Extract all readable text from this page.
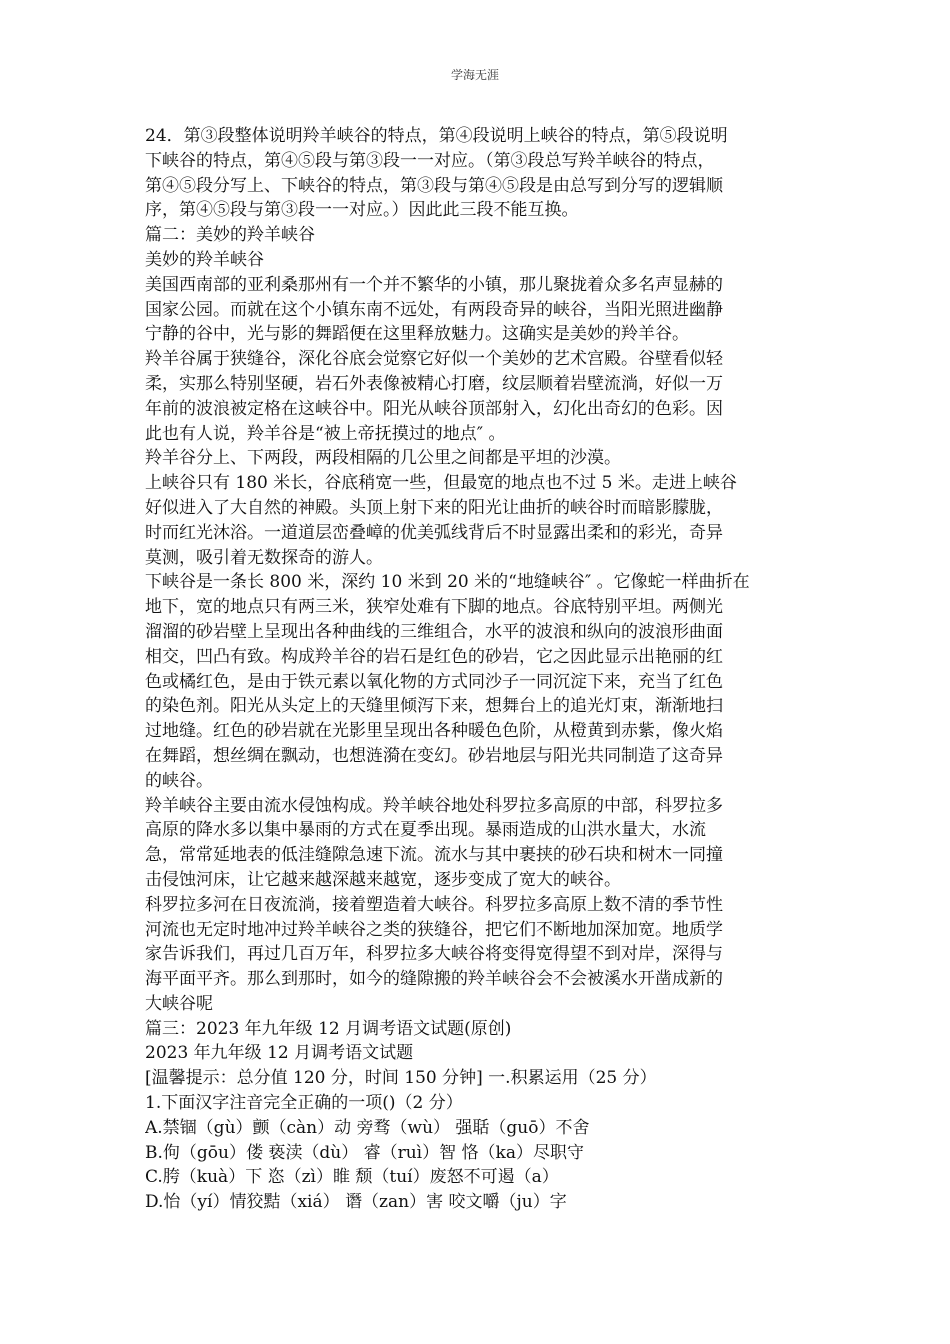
学海无涯
24．第③段整体说明羚羊峡谷的特点，第④段说明上峡谷的特点，第⑤段说明
下峡谷的特点，第④⑤段与第③段一一对应。（第③段总写羚羊峡谷的特点，
第④⑤段分写上、下峡谷的特点，第③段与第④⑤段是由总写到分写的逻辑顺
序，第④⑤段与第③段一一对应。）因此此三段不能互换。
篇二：美妙的羚羊峡谷
美妙的羚羊峡谷
美国西南部的亚利桑那州有一个并不繁华的小镇，那儿聚拢着众多名声显赫的
国家公园。而就在这个小镇东南不远处，有两段奇异的峡谷，当阳光照进幽静
宁静的谷中，光与影的舞蹈便在这里释放魅力。这确实是美妙的羚羊谷。
羚羊谷属于狭缝谷，深化谷底会觉察它好似一个美妙的艺术宫殿。谷壁看似轻
柔，实那么特别坚硬，岩石外表像被精心打磨，纹层顺着岩壁流淌，好似一万
年前的波浪被定格在这峡谷中。阳光从峡谷顶部射入，幻化出奇幻的色彩。因
此也有人说，羚羊谷是“被上帝抚摸过的地点″ 。
羚羊谷分上、下两段，两段相隔的几公里之间都是平坦的沙漠。
上峡谷只有 180 米长，谷底稍宽一些，但最宽的地点也不过 5 米。走进上峡谷
好似进入了大自然的神殿。头顶上射下来的阳光让曲折的峡谷时而暗影朦胧，
时而红光沐浴。一道道层峦叠嶂的优美弧线背后不时显露出柔和的彩光，奇异
莫测，吸引着无数探奇的游人。
下峡谷是一条长 800 米，深约 10 米到 20 米的“地缝峡谷″ 。它像蛇一样曲折在
地下，宽的地点只有两三米，狭窄处难有下脚的地点。谷底特别平坦。两侧光
溜溜的砂岩壁上呈现出各种曲线的三维组合，水平的波浪和纵向的波浪形曲面
相交，凹凸有致。构成羚羊谷的岩石是红色的砂岩，它之因此显示出艳丽的红
色或橘红色，是由于铁元素以氧化物的方式同沙子一同沉淀下来，充当了红色
的染色剂。阳光从头定上的天缝里倾泻下来，想舞台上的追光灯束，渐渐地扫
过地缝。红色的砂岩就在光影里呈现出各种暖色色阶，从橙黄到赤紫，像火焰
在舞蹈，想丝绸在飘动，也想涟漪在变幻。砂岩地层与阳光共同制造了这奇异
的峡谷。
羚羊峡谷主要由流水侵蚀构成。羚羊峡谷地处科罗拉多高原的中部，科罗拉多
高原的降水多以集中暴雨的方式在夏季出现。暴雨造成的山洪水量大，水流
急，常常延地表的低洼缝隙急速下流。流水与其中裹挟的砂石块和树木一同撞
击侵蚀河床，让它越来越深越来越宽，逐步变成了宽大的峡谷。
科罗拉多河在日夜流淌，接着塑造着大峡谷。科罗拉多高原上数不清的季节性
河流也无定时地冲过羚羊峡谷之类的狭缝谷，把它们不断地加深加宽。地质学
家告诉我们，再过几百万年，科罗拉多大峡谷将变得宽得望不到对岸，深得与
海平面平齐。那么到那时，如今的缝隙搬的羚羊峡谷会不会被溪水开凿成新的
大峡谷呢
篇三：2023 年九年级 12 月调考语文试题(原创)
2023 年九年级 12 月调考语文试题
[温馨提示：总分值 120 分，时间 150 分钟] 一.积累运用（25 分）
1.下面汉字注音完全正确的一项()（2 分）
A.禁锢（gù）颤（càn）动 旁骛（wù） 强聒（guō）不舍
B.佝（gōu）偻 亵渎（dù） 睿（ruì）智 恪（ka）尽职守
C.胯（kuà）下 恣（zì）睢 颓（tuí）废怒不可遏（a）
D.怡（yí）情狡黠（xiá） 谮（zan）害 咬文嚼（ju）字
